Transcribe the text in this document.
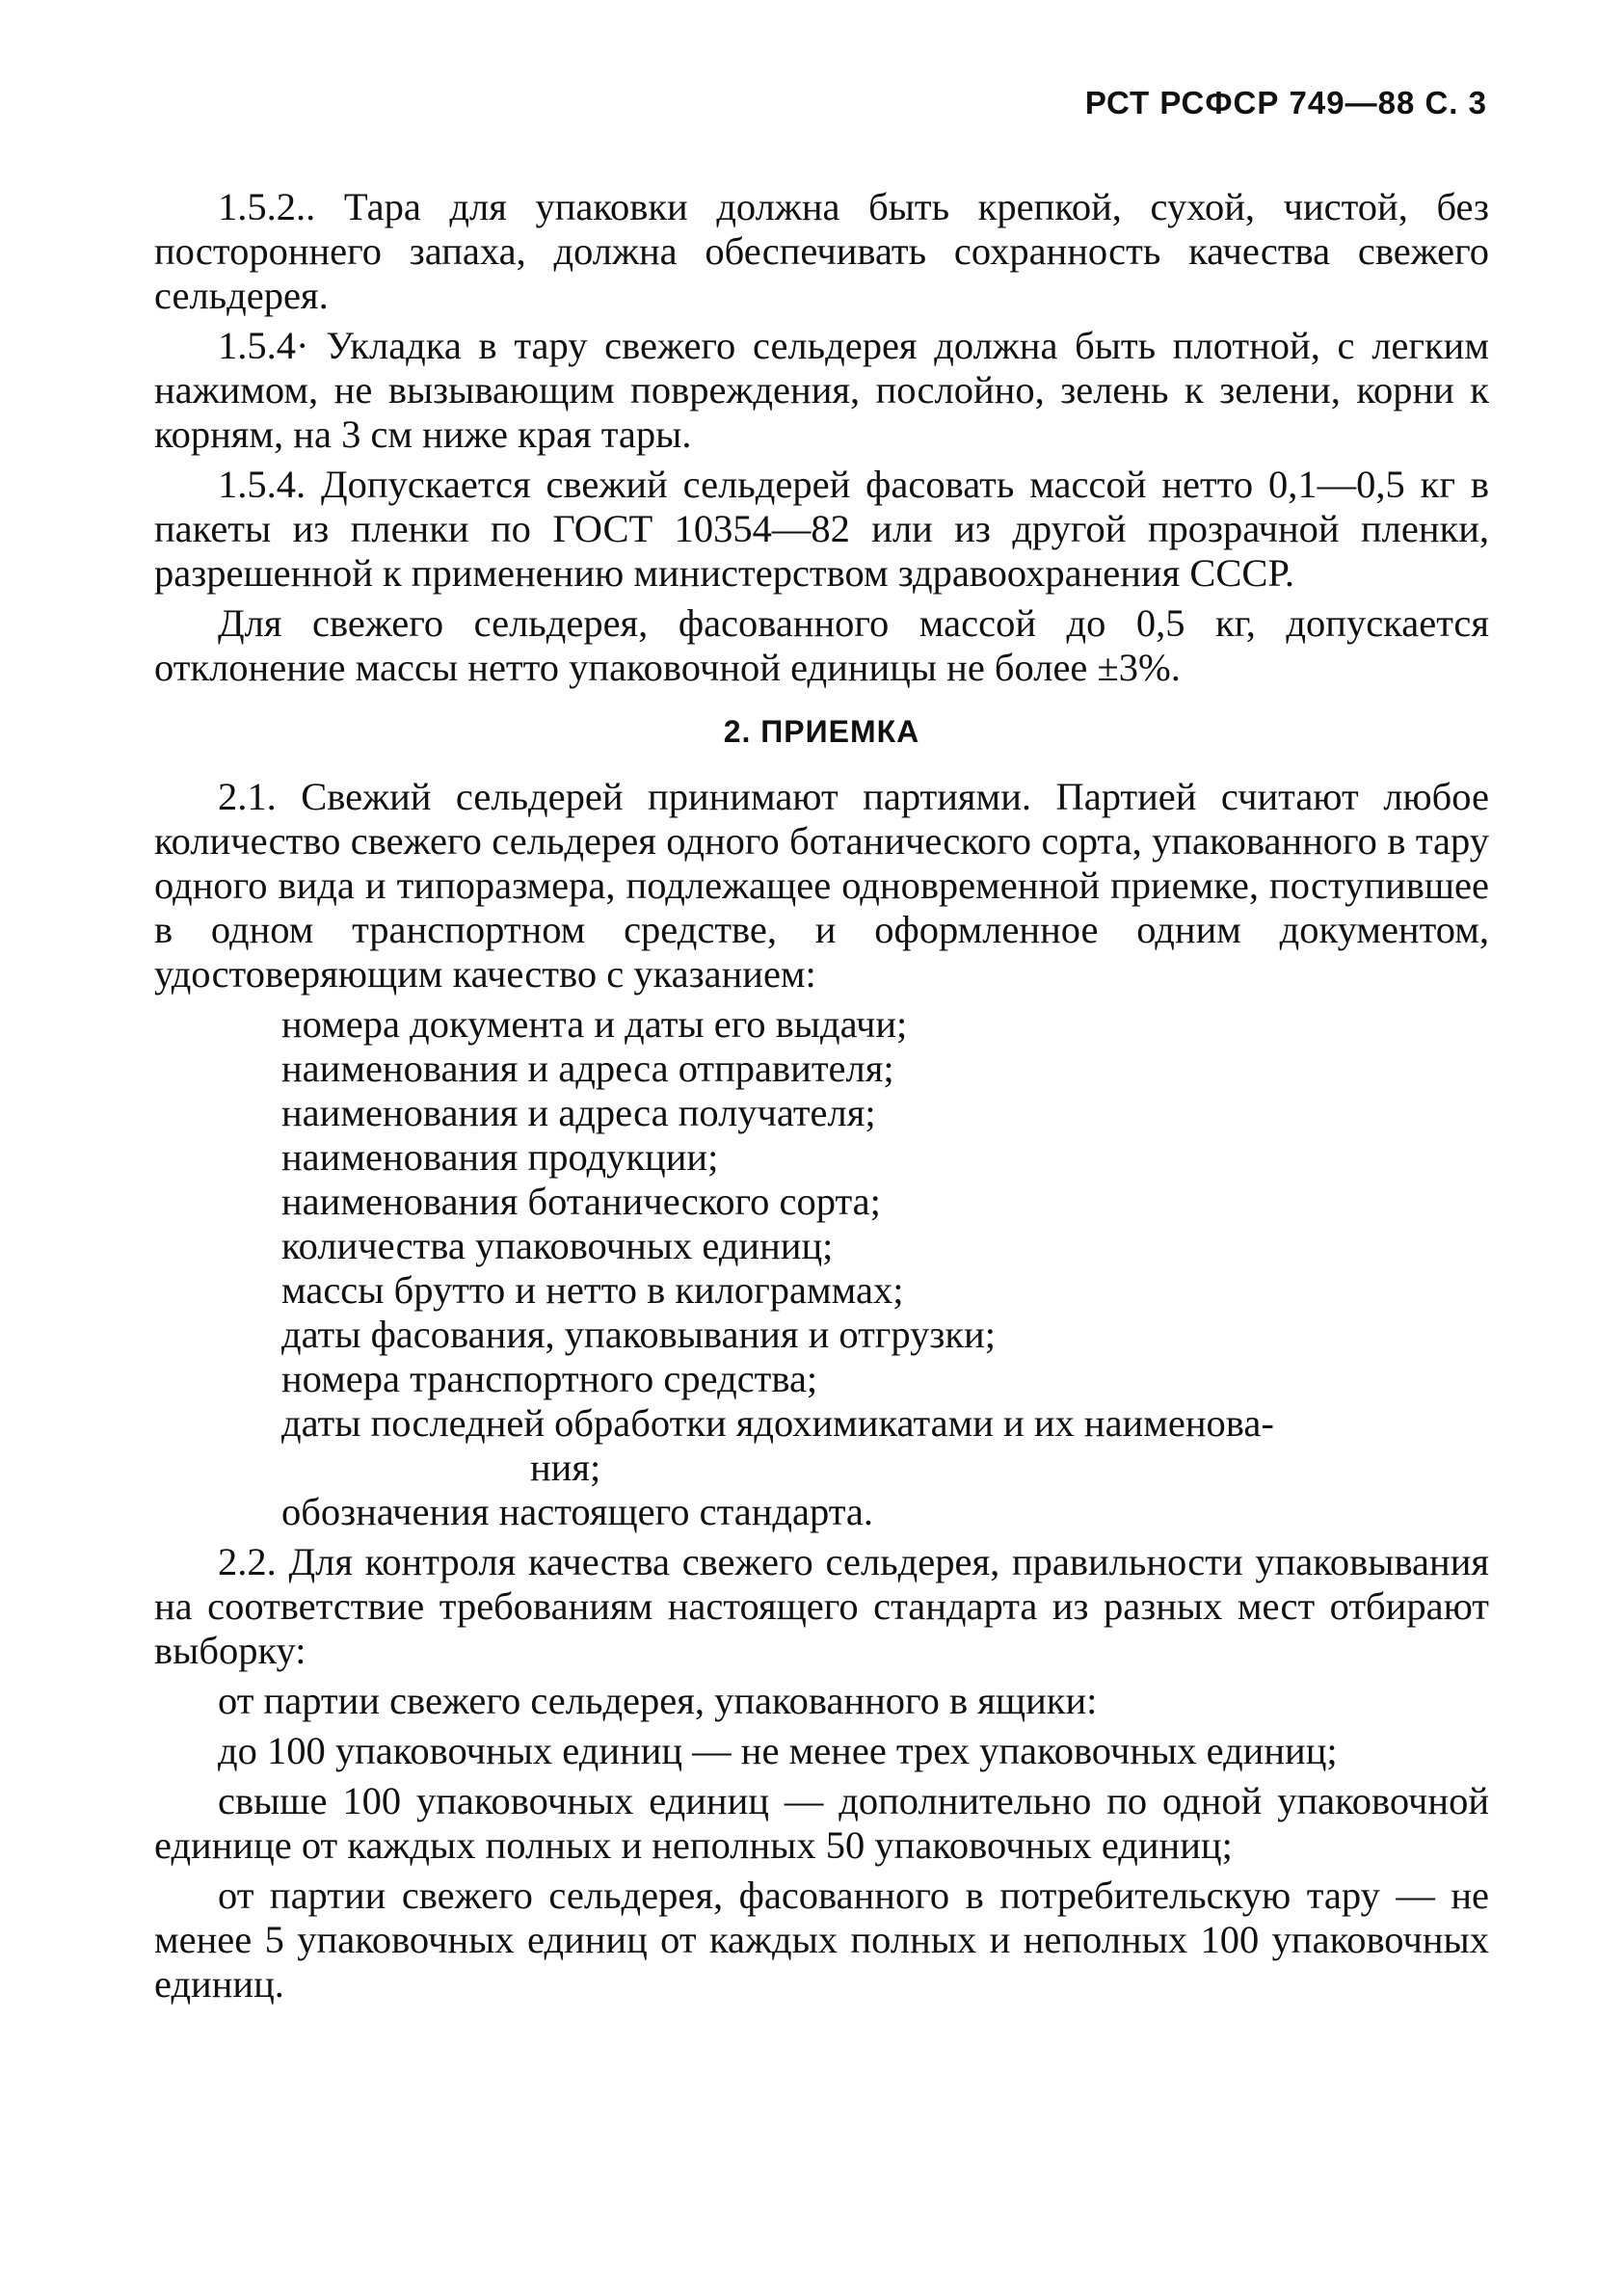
РСТ РСФСР 749—88 С. 3

1.5.2.. Тара для упаковки должна быть крепкой, сухой, чистой, без постороннего запаха, должна обеспечивать сохранность качества свежего сельдерея.

1.5.4· Укладка в тару свежего сельдерея должна быть плотной, с легким нажимом, не вызывающим повреждения, послойно, зелень к зелени, корни к корням, на 3 см ниже края тары.

1.5.4. Допускается свежий сельдерей фасовать массой нетто 0,1—0,5 кг в пакеты из пленки по ГОСТ 10354—82 или из другой прозрачной пленки, разрешенной к применению министерством здравоохранения СССР.

Для свежего сельдерея, фасованного массой до 0,5 кг, допускается отклонение массы нетто упаковочной единицы не более ±3%.

2. ПРИЕМКА

2.1. Свежий сельдерей принимают партиями. Партией считают любое количество свежего сельдерея одного ботанического сорта, упакованного в тару одного вида и типоразмера, подлежащее одновременной приемке, поступившее в одном транспортном средстве, и оформленное одним документом, удостоверяющим качество с указанием:

номера документа и даты его выдачи;
наименования и адреса отправителя;
наименования и адреса получателя;
наименования продукции;
наименования ботанического сорта;
количества упаковочных единиц;
массы брутто и нетто в килограммах;
даты фасования, упаковывания и отгрузки;
номера транспортного средства;
даты последней обработки ядохимикатами и их наименова-
ния;
обозначения настоящего стандарта.

2.2. Для контроля качества свежего сельдерея, правильности упаковывания на соответствие требованиям настоящего стандарта из разных мест отбирают выборку:

от партии свежего сельдерея, упакованного в ящики:

до 100 упаковочных единиц — не менее трех упаковочных единиц;

свыше 100 упаковочных единиц — дополнительно по одной упаковочной единице от каждых полных и неполных 50 упаковочных единиц;

от партии свежего сельдерея, фасованного в потребительскую тару — не менее 5 упаковочных единиц от каждых полных и неполных 100 упаковочных единиц.
